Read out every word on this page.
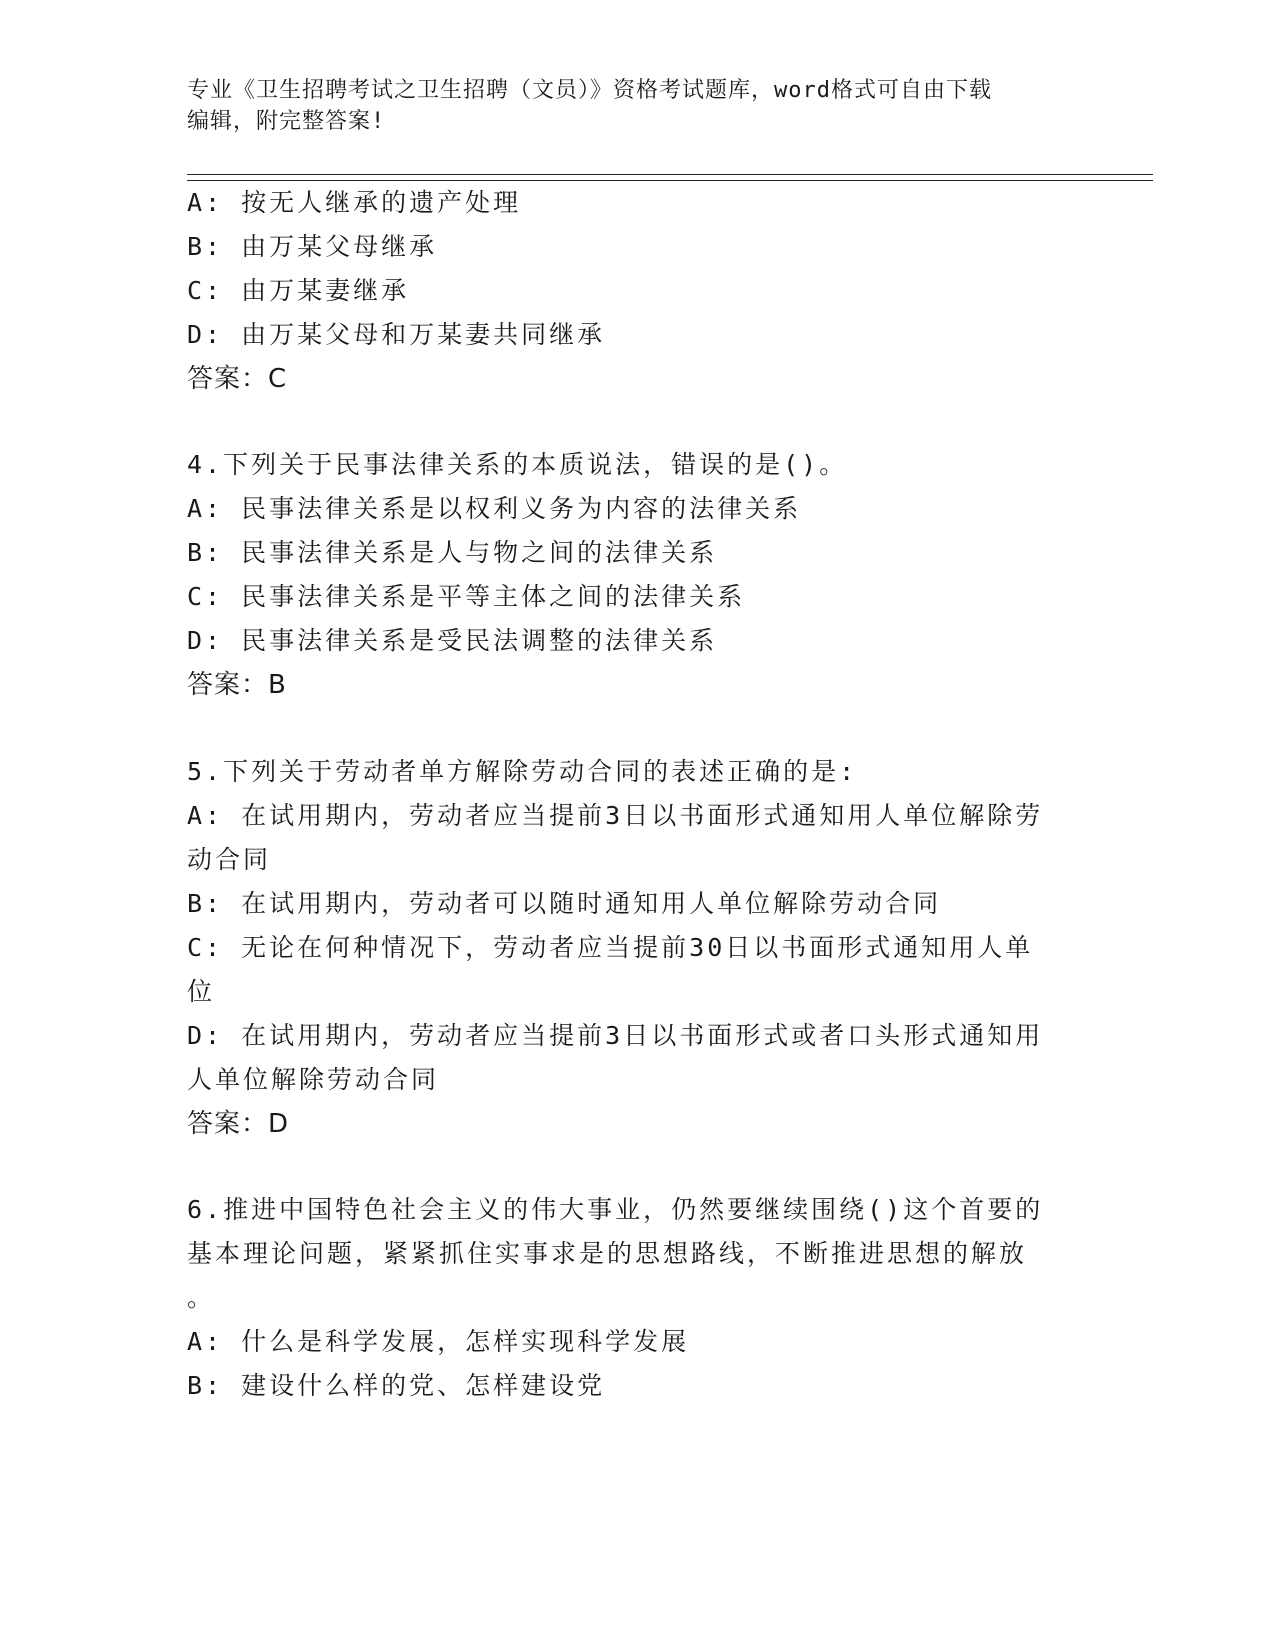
专业《卫生招聘考试之卫生招聘（文员）》资格考试题库，word格式可自由下载
编辑，附完整答案!
A: 按无人继承的遗产处理
B: 由万某父母继承
C: 由万某妻继承
D: 由万某父母和万某妻共同继承
答案：C
4.下列关于民事法律关系的本质说法，错误的是()。
A: 民事法律关系是以权利义务为内容的法律关系
B: 民事法律关系是人与物之间的法律关系
C: 民事法律关系是平等主体之间的法律关系
D: 民事法律关系是受民法调整的法律关系
答案：B
5.下列关于劳动者单方解除劳动合同的表述正确的是:
A: 在试用期内，劳动者应当提前3日以书面形式通知用人单位解除劳
动合同
B: 在试用期内，劳动者可以随时通知用人单位解除劳动合同
C: 无论在何种情况下，劳动者应当提前30日以书面形式通知用人单
位
D: 在试用期内，劳动者应当提前3日以书面形式或者口头形式通知用
人单位解除劳动合同
答案：D
6.推进中国特色社会主义的伟大事业，仍然要继续围绕()这个首要的
基本理论问题，紧紧抓住实事求是的思想路线，不断推进思想的解放
。
A: 什么是科学发展，怎样实现科学发展
B: 建设什么样的党、怎样建设党
